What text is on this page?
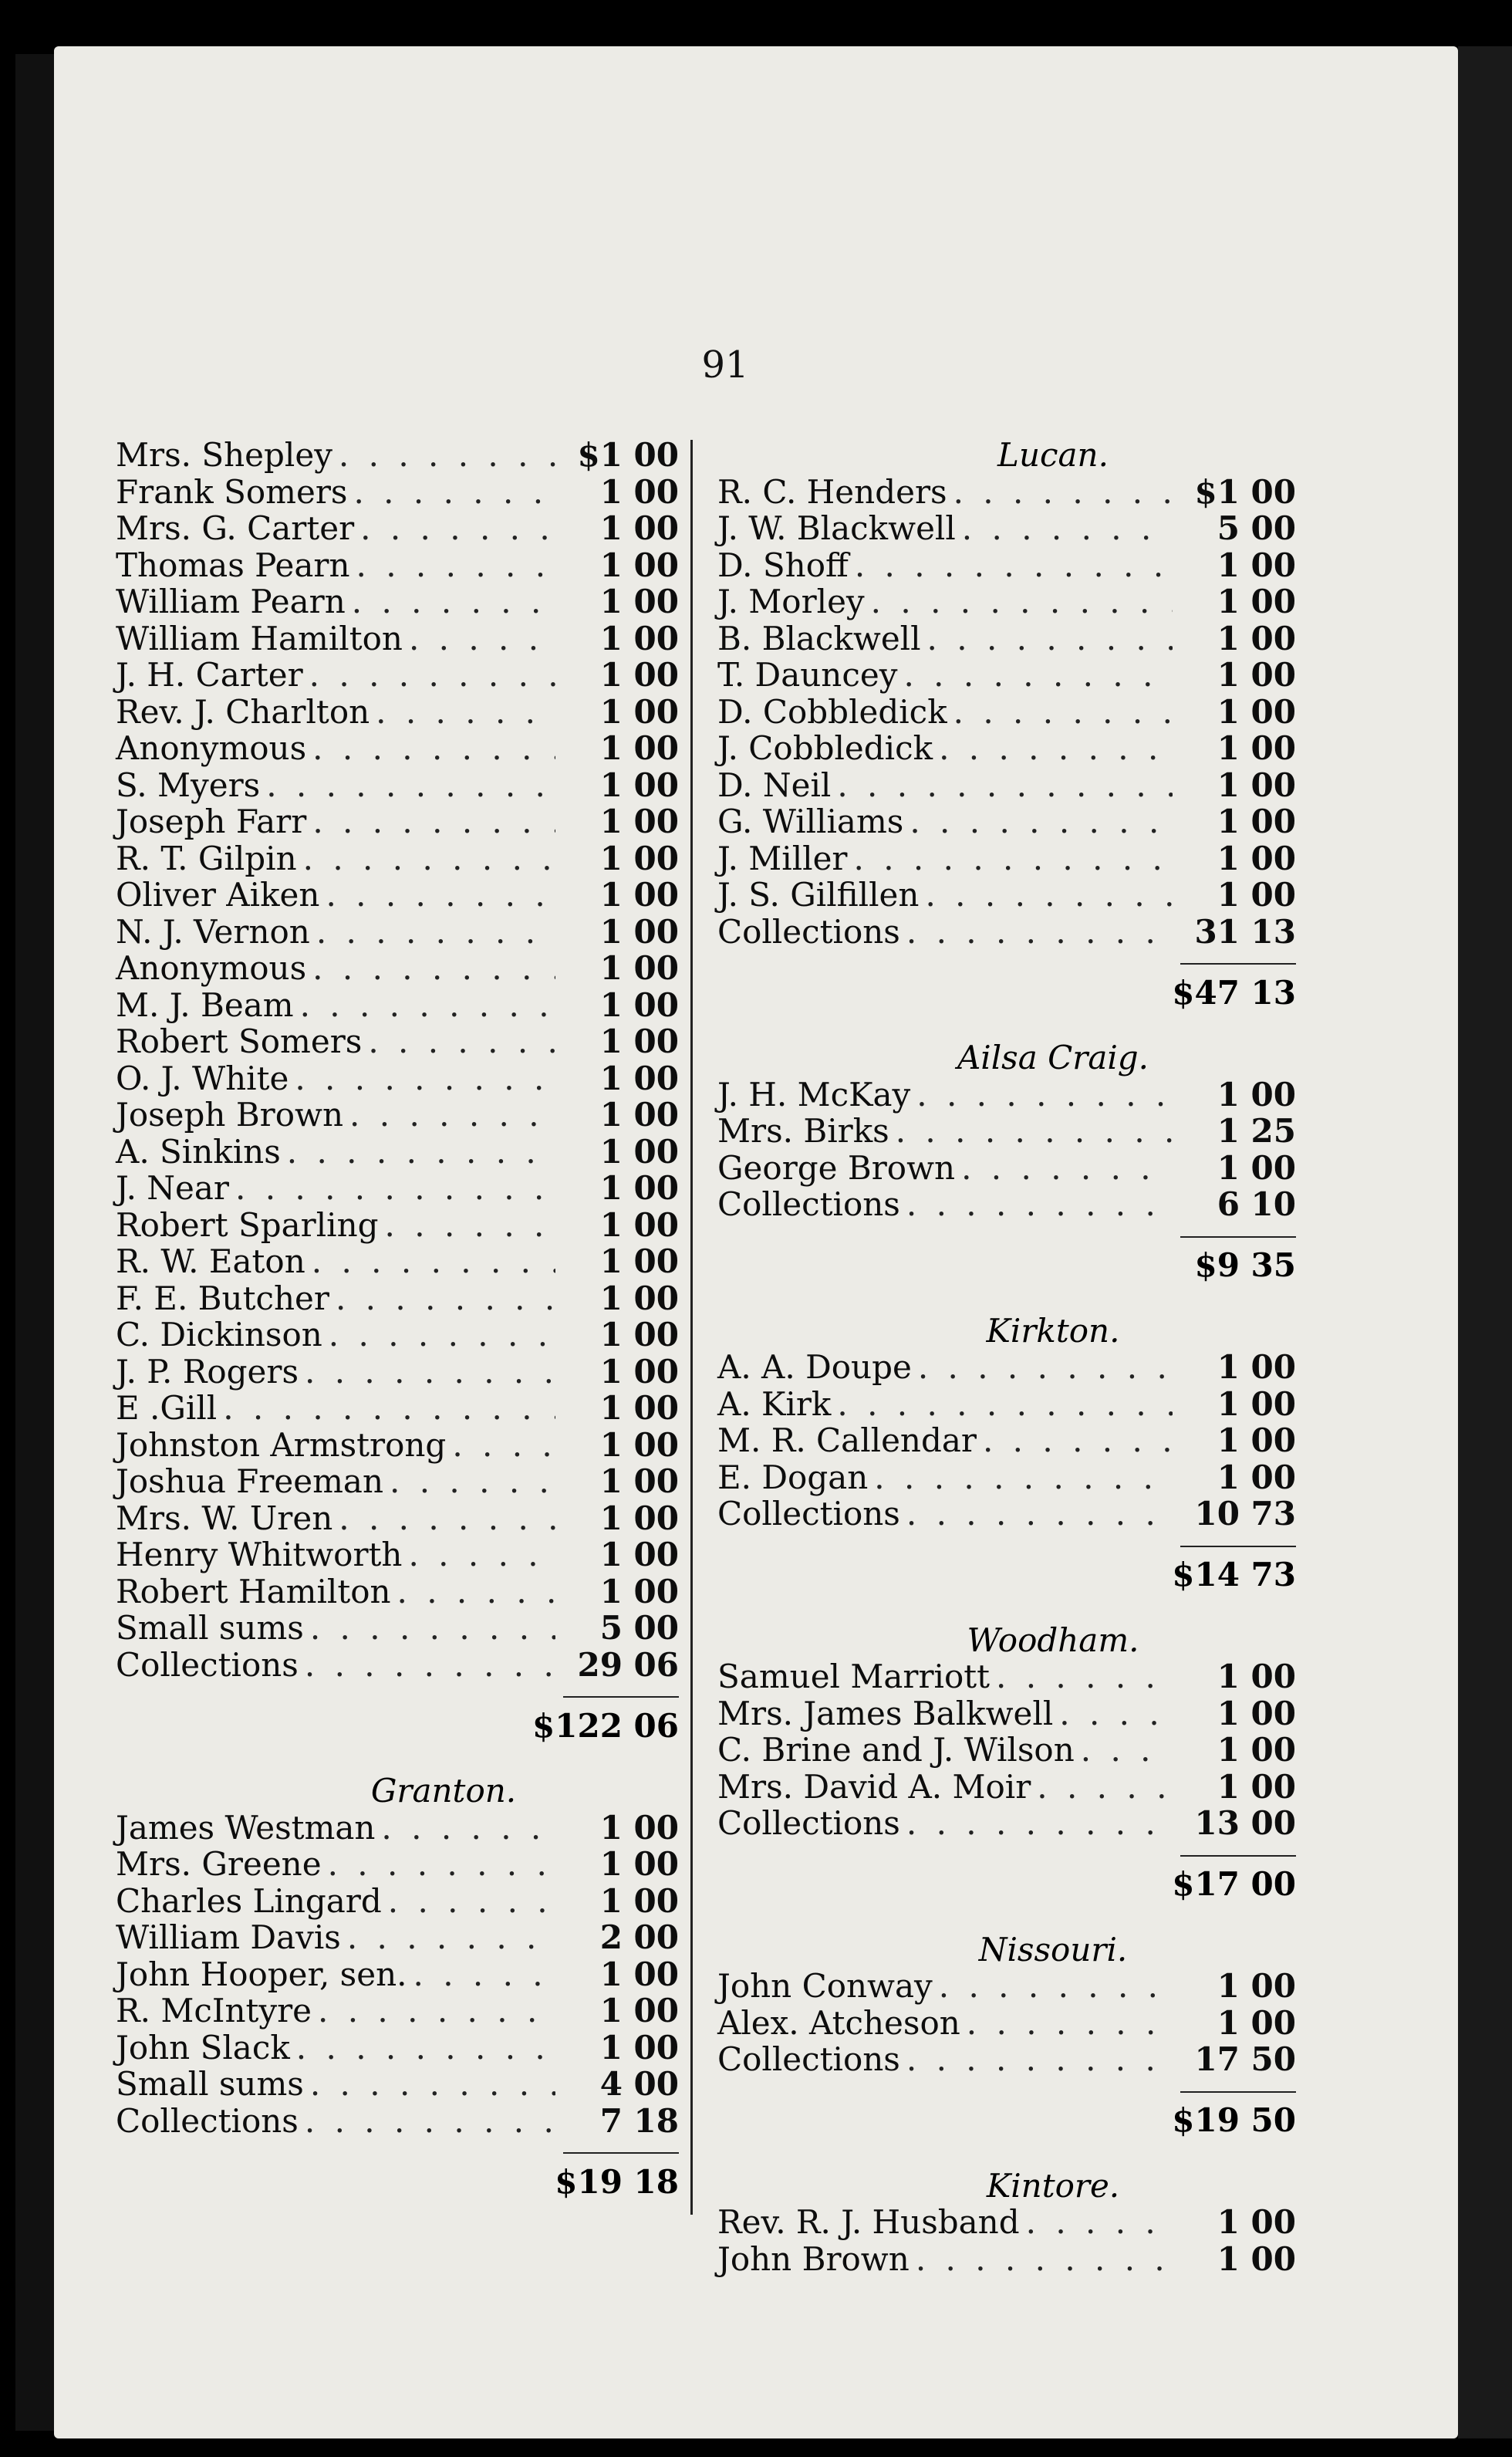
91
Mrs. Shepley . . .	$1 00
Frank Somers . . .	1 00
Mrs. G. Carter . . .	1 00
Thomas Pearn . . .	1 00
William Pearn . . .	1 00
William Hamilton . . .	1 00
J. H. Carter . . .	1 00
Rev. J. Charlton . . .	1 00
Anonymous . . .	1 00
S. Myers . . .	1 00
Joseph Farr . . .	1 00
R. T. Gilpin . . .	1 00
Oliver Aiken . . .	1 00
N. J. Vernon . . .	1 00
Anonymous . . .	1 00
M. J. Beam . . .	1 00
Robert Somers . . .	1 00
O. J. White . . .	1 00
Joseph Brown . . .	1 00
A. Sinkins . . .	1 00
J. Near . . .	1 00
Robert Sparling . . .	1 00
R. W. Eaton . . .	1 00
F. E. Butcher . . .	1 00
C. Dickinson . . .	1 00
J. P. Rogers . . .	1 00
E .Gill . . .	1 00
Johnston Armstrong . . .	1 00
Joshua Freeman . . .	1 00
Mrs. W. Uren . . .	1 00
Henry Whitworth . . .	1 00
Robert Hamilton . . .	1 00
Small sums . . .	5 00
Collections . . .	29 06
$122 06
Granton.
James Westman . . .	1 00
Mrs. Greene . . .	1 00
Charles Lingard . . .	1 00
William Davis . . .	2 00
John Hooper, sen. . . .	1 00
R. McIntyre . . .	1 00
John Slack . . .	1 00
Small sums . . .	4 00
Collections . . .	7 18
$19 18
Lucan.
R. C. Henders . . .	$1 00
J. W. Blackwell . . .	5 00
D. Shoff . . .	1 00
J. Morley . . .	1 00
B. Blackwell . . .	1 00
T. Dauncey . . .	1 00
D. Cobbledick . . .	1 00
J. Cobbledick . . .	1 00
D. Neil . . .	1 00
G. Williams . . .	1 00
J. Miller . . .	1 00
J. S. Gilfillen . . .	1 00
Collections . . .	31 13
$47 13
Ailsa Craig.
J. H. McKay . . .	1 00
Mrs. Birks . . .	1 25
George Brown . . .	1 00
Collections . . .	6 10
$9 35
Kirkton.
A. A. Doupe . . .	1 00
A. Kirk . . .	1 00
M. R. Callendar . . .	1 00
E. Dogan . . .	1 00
Collections . . .	10 73
$14 73
Woodham.
Samuel Marriott . . .	1 00
Mrs. James Balkwell . . .	1 00
C. Brine and J. Wilson . . .	1 00
Mrs. David A. Moir . . .	1 00
Collections . . .	13 00
$17 00
Nissouri.
John Conway . . .	1 00
Alex. Atcheson . . .	1 00
Collections . . .	17 50
$19 50
Kintore.
Rev. R. J. Husband . . .	1 00
John Brown . . .	1 00
